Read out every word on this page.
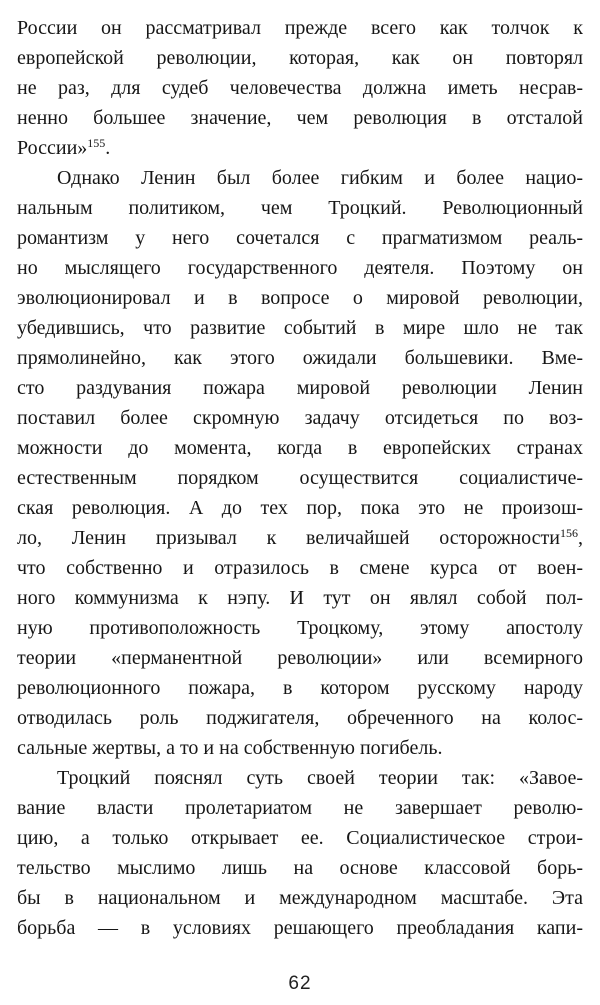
России он рассматривал прежде всего как толчок к
европейской революции, которая, как он повторял
не раз, для судеб человечества должна иметь несрав-
ненно большее значение, чем революция в отсталой
России»$^{155}$.
Однако Ленин был более гибким и более нацио-
нальным политиком, чем Троцкий. Революционный
романтизм у него сочетался с прагматизмом реаль-
но мыслящего государственного деятеля. Поэтому он
эволюционировал и в вопросе о мировой революции,
убедившись, что развитие событий в мире шло не так
прямолинейно, как этого ожидали большевики. Вме-
сто раздувания пожара мировой революции Ленин
поставил более скромную задачу отсидеться по воз-
можности до момента, когда в европейских странах
естественным порядком осуществится социалистиче-
ская революция. А до тех пор, пока это не произош-
ло, Ленин призывал к величайшей осторожности$^{156}$,
что собственно и отразилось в смене курса от воен-
ного коммунизма к нэпу. И тут он являл собой пол-
ную противоположность Троцкому, этому апостолу
теории «перманентной революции» или всемирного
революционного пожара, в котором русскому народу
отводилась роль поджигателя, обреченного на колос-
сальные жертвы, а то и на собственную погибель.
Троцкий пояснял суть своей теории так: «Завое-
вание власти пролетариатом не завершает револю-
цию, а только открывает ее. Социалистическое строи-
тельство мыслимо лишь на основе классовой борь-
бы в национальном и международном масштабе. Эта
борьба — в условиях решающего преобладания капи-
62
